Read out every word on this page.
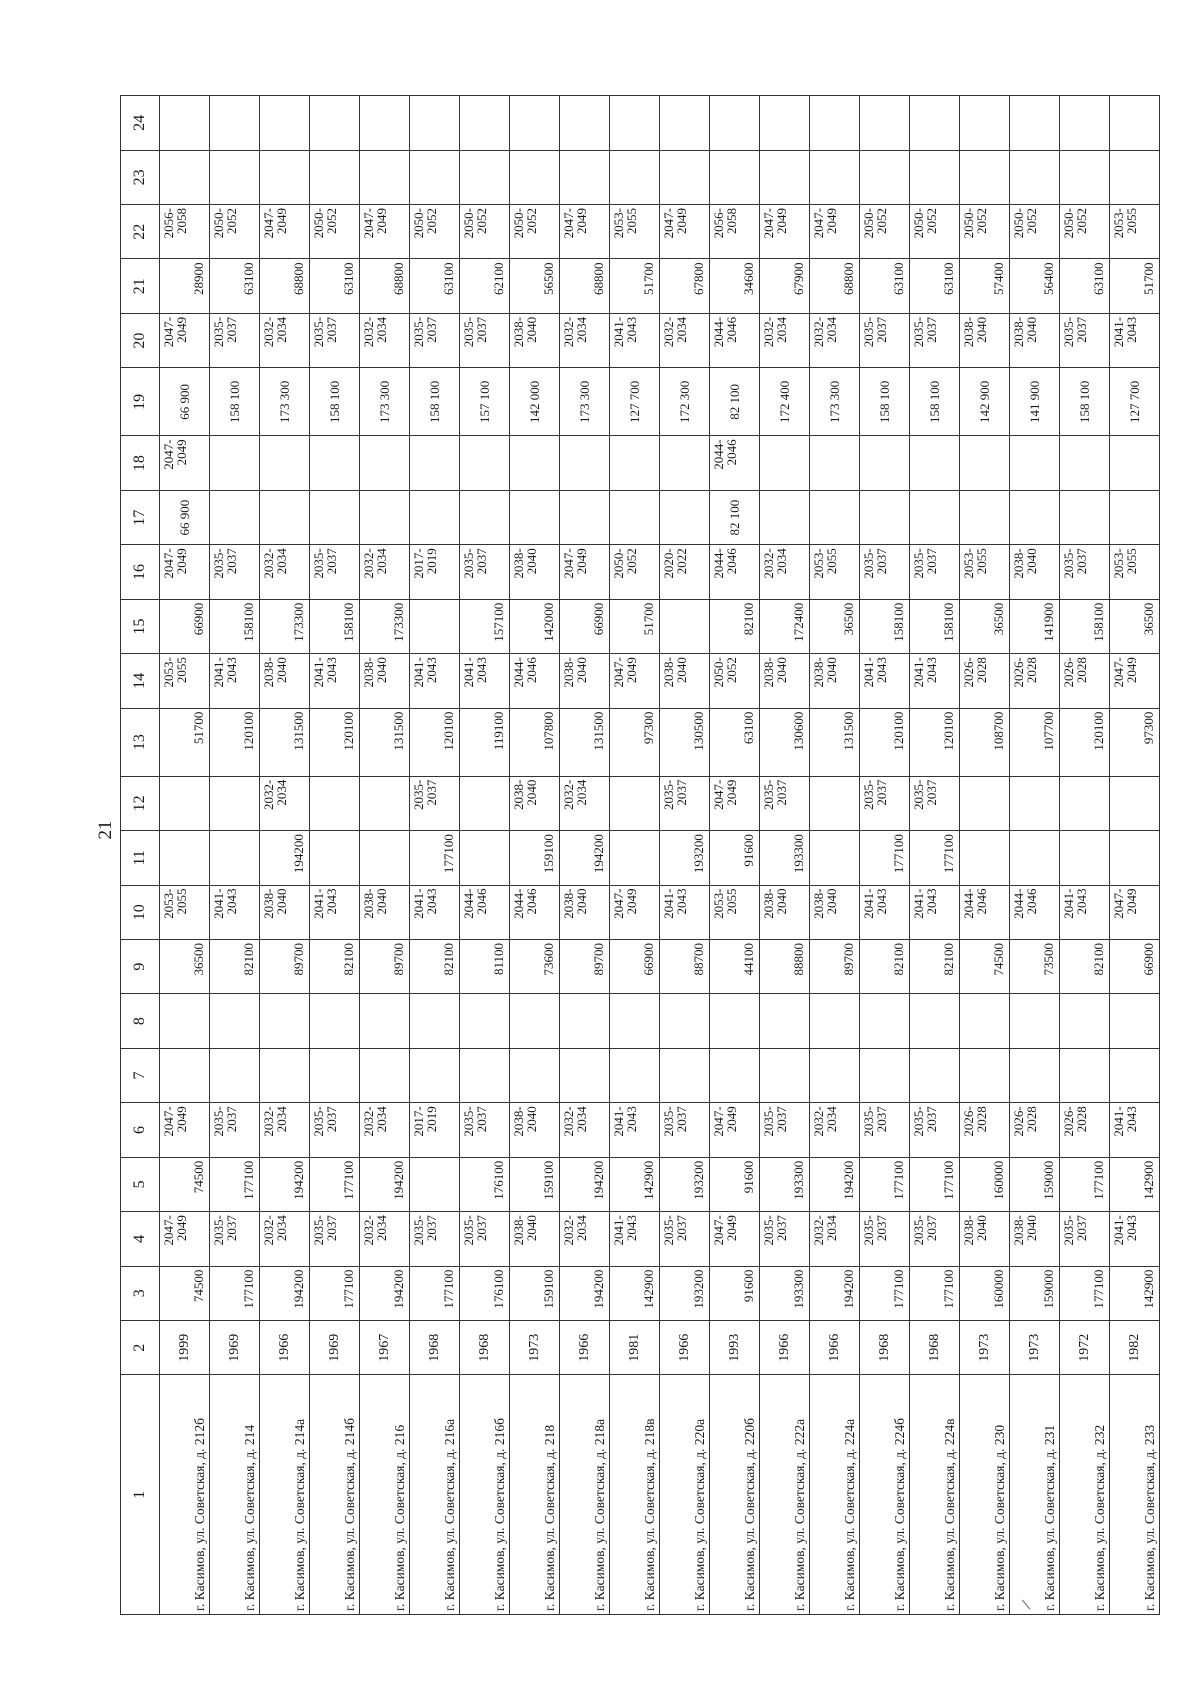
21
1	2	3	4	5	6	7	8	9	10	11	12	13	14	15	16	17	18	19	20	21	22	23	24
г. Касимов, ул. Советская, д. 212б	1999	74500	2047-2049	74500	2047-2049			36500	2053-2055			51700	2053-2055	66900	2047-2049	66 900	2047-2049	66 900	2047-2049	28900	2056-2058		
г. Касимов, ул. Советская, д. 214	1969	177100	2035-2037	177100	2035-2037			82100	2041-2043			120100	2041-2043	158100	2035-2037			158 100	2035-2037	63100	2050-2052		
г. Касимов, ул. Советская, д. 214а	1966	194200	2032-2034	194200	2032-2034			89700	2038-2040	194200	2032-2034	131500	2038-2040	173300	2032-2034			173 300	2032-2034	68800	2047-2049		
г. Касимов, ул. Советская, д. 214б	1969	177100	2035-2037	177100	2035-2037			82100	2041-2043			120100	2041-2043	158100	2035-2037			158 100	2035-2037	63100	2050-2052		
г. Касимов, ул. Советская, д. 216	1967	194200	2032-2034	194200	2032-2034			89700	2038-2040			131500	2038-2040	173300	2032-2034			173 300	2032-2034	68800	2047-2049		
г. Касимов, ул. Советская, д. 216а	1968	177100	2035-2037		2017-2019			82100	2041-2043	177100	2035-2037	120100	2041-2043		2017-2019			158 100	2035-2037	63100	2050-2052		
г. Касимов, ул. Советская, д. 216б	1968	176100	2035-2037	176100	2035-2037			81100	2044-2046			119100	2041-2043	157100	2035-2037			157 100	2035-2037	62100	2050-2052		
г. Касимов, ул. Советская, д. 218	1973	159100	2038-2040	159100	2038-2040			73600	2044-2046	159100	2038-2040	107800	2044-2046	142000	2038-2040			142 000	2038-2040	56500	2050-2052		
г. Касимов, ул. Советская, д. 218а	1966	194200	2032-2034	194200	2032-2034			89700	2038-2040	194200	2032-2034	131500	2038-2040	66900	2047-2049			173 300	2032-2034	68800	2047-2049		
г. Касимов, ул. Советская, д. 218в	1981	142900	2041-2043	142900	2041-2043			66900	2047-2049			97300	2047-2049	51700	2050-2052			127 700	2041-2043	51700	2053-2055		
г. Касимов, ул. Советская, д. 220а	1966	193200	2035-2037	193200	2035-2037			88700	2041-2043	193200	2035-2037	130500	2038-2040		2020-2022			172 300	2032-2034	67800	2047-2049		
г. Касимов, ул. Советская, д. 220б	1993	91600	2047-2049	91600	2047-2049			44100	2053-2055	91600	2047-2049	63100	2050-2052	82100	2044-2046	82 100	2044-2046	82 100	2044-2046	34600	2056-2058		
г. Касимов, ул. Советская, д. 222а	1966	193300	2035-2037	193300	2035-2037			88800	2038-2040	193300	2035-2037	130600	2038-2040	172400	2032-2034			172 400	2032-2034	67900	2047-2049		
г. Касимов, ул. Советская, д. 224а	1966	194200	2032-2034	194200	2032-2034			89700	2038-2040			131500	2038-2040	36500	2053-2055			173 300	2032-2034	68800	2047-2049		
г. Касимов, ул. Советская, д. 224б	1968	177100	2035-2037	177100	2035-2037			82100	2041-2043	177100	2035-2037	120100	2041-2043	158100	2035-2037			158 100	2035-2037	63100	2050-2052		
г. Касимов, ул. Советская, д. 224в	1968	177100	2035-2037	177100	2035-2037			82100	2041-2043	177100	2035-2037	120100	2041-2043	158100	2035-2037			158 100	2035-2037	63100	2050-2052		
г. Касимов, ул. Советская, д. 230	1973	160000	2038-2040	160000	2026-2028			74500	2044-2046			108700	2026-2028	36500	2053-2055			142 900	2038-2040	57400	2050-2052		
г. Касимов, ул. Советская, д. 231	1973	159000	2038-2040	159000	2026-2028			73500	2044-2046			107700	2026-2028	141900	2038-2040			141 900	2038-2040	56400	2050-2052		
г. Касимов, ул. Советская, д. 232	1972	177100	2035-2037	177100	2026-2028			82100	2041-2043			120100	2026-2028	158100	2035-2037			158 100	2035-2037	63100	2050-2052		
г. Касимов, ул. Советская, д. 233	1982	142900	2041-2043	142900	2041-2043			66900	2047-2049			97300	2047-2049	36500	2053-2055			127 700	2041-2043	51700	2053-2055		
